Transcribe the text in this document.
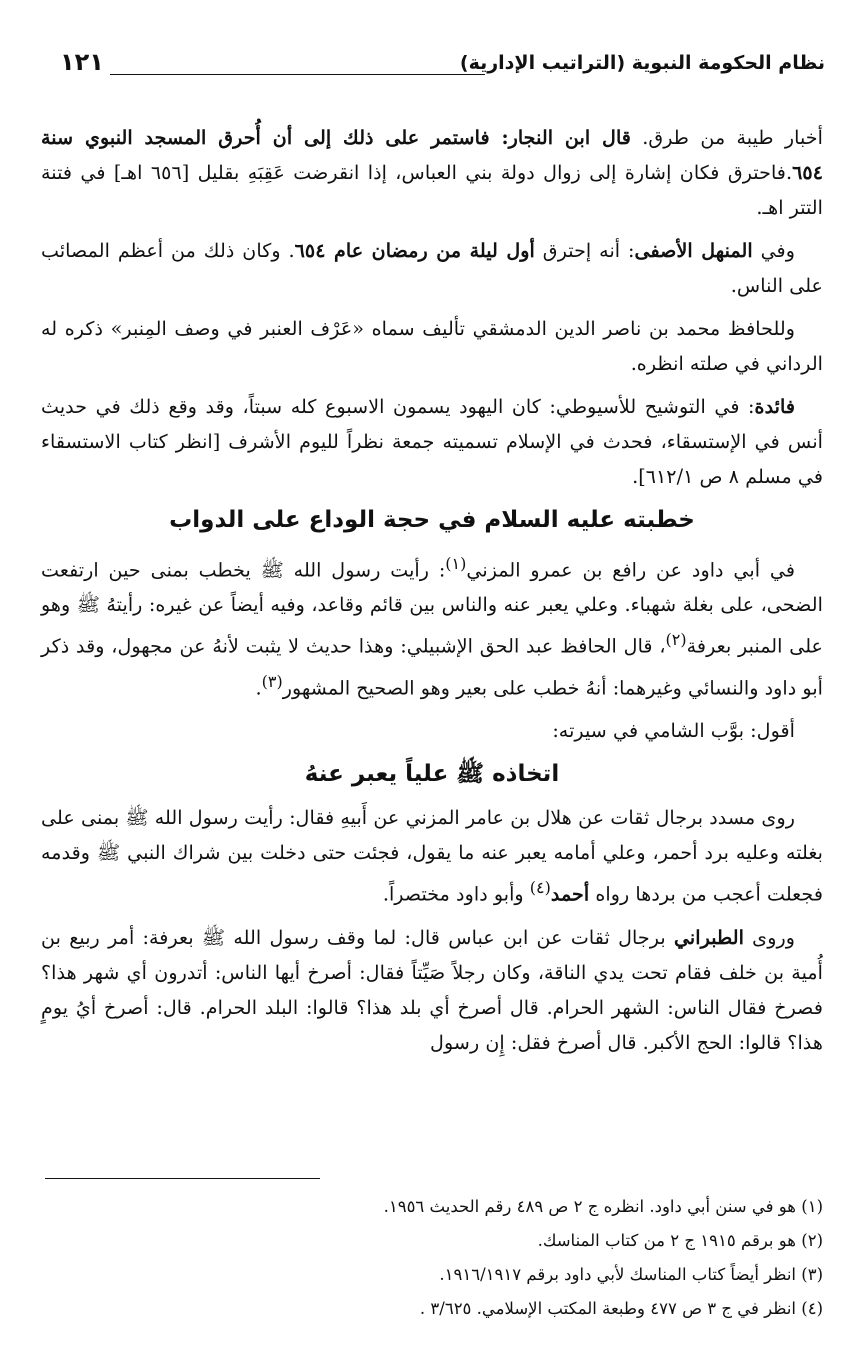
نظام الحكومة النبوية (التراتيب الإدارية)
١٢١

أخبار طيبة من طرق. قال ابن النجار: فاستمر على ذلك إلى أن أُحرق المسجد النبوي سنة ٦٥٤.فاحترق فكان إشارة إلى زوال دولة بني العباس، إذا انقرضت عَقِبَهِ بقليل [٦٥٦ اهـ] في فتنة التتر اهـ.

وفي المنهل الأصفى: أنه إحترق أول ليلة من رمضان عام ٦٥٤. وكان ذلك من أعظم المصائب على الناس.

وللحافظ محمد بن ناصر الدين الدمشقي تأليف سماه «عَرْف العنبر في وصف المِنبر» ذكره له الرداني في صلته انظره.

فائدة: في التوشيح للأسيوطي: كان اليهود يسمون الاسبوع كله سبتاً، وقد وقع ذلك في حديث أنس في الإستسقاء، فحدث في الإسلام تسميته جمعة نظراً لليوم الأشرف [انظر كتاب الاستسقاء في مسلم ٨ ص ٦١٢/١].

خطبته عليه السلام في حجة الوداع على الدواب

في أبي داود عن رافع بن عمرو المزني$^{(١)}$: رأيت رسول الله ﷺ يخطب بمنى حين ارتفعت الضحى، على بغلة شهباء. وعلي يعبر عنه والناس بين قائم وقاعد، وفيه أيضاً عن غيره: رأيتهُ ﷺ وهو على المنبر بعرفة$^{(٢)}$، قال الحافظ عبد الحق الإشبيلي: وهذا حديث لا يثبت لأنهُ عن مجهول، وقد ذكر أبو داود والنسائي وغيرهما: أنهُ خطب على بعير وهو الصحيح المشهور$^{(٣)}$.

أقول: بوَّب الشامي في سيرته:

اتخاذه ﷺ علياً يعبر عنهُ

روى مسدد برجال ثقات عن هلال بن عامر المزني عن أَبيهِ فقال: رأيت رسول الله ﷺ بمنى على بغلته وعليه برد أحمر، وعلي أمامه يعبر عنه ما يقول، فجئت حتى دخلت بين شراك النبي ﷺ وقدمه فجعلت أعجب من بردها رواه أحمد$^{(٤)}$ وأبو داود مختصراً.

وروى الطبراني برجال ثقات عن ابن عباس قال: لما وقف رسول الله ﷺ بعرفة: أمر ربيع بن أُمية بن خلف فقام تحت يدي الناقة، وكان رجلاً صَيِّتاً فقال: أصرخ أيها الناس: أتدرون أي شهر هذا؟ فصرخ فقال الناس: الشهر الحرام. قال أصرخ أي بلد هذا؟ قالوا: البلد الحرام. قال: أصرخ أيُ يومٍ هذا؟ قالوا: الحج الأكبر. قال أصرخ فقل: إِن رسول

(١) هو في سنن أبي داود. انظره ج ٢ ص ٤٨٩ رقم الحديث ١٩٥٦.

(٢) هو برقم ١٩١٥ ج ٢ من كتاب المناسك.

(٣) انظر أيضاً كتاب المناسك لأبي داود برقم ١٩١٦/١٩١٧.

(٤) انظر في ج ٣ ص ٤٧٧ وطبعة المكتب الإسلامي. ٣/٦٢٥ .
